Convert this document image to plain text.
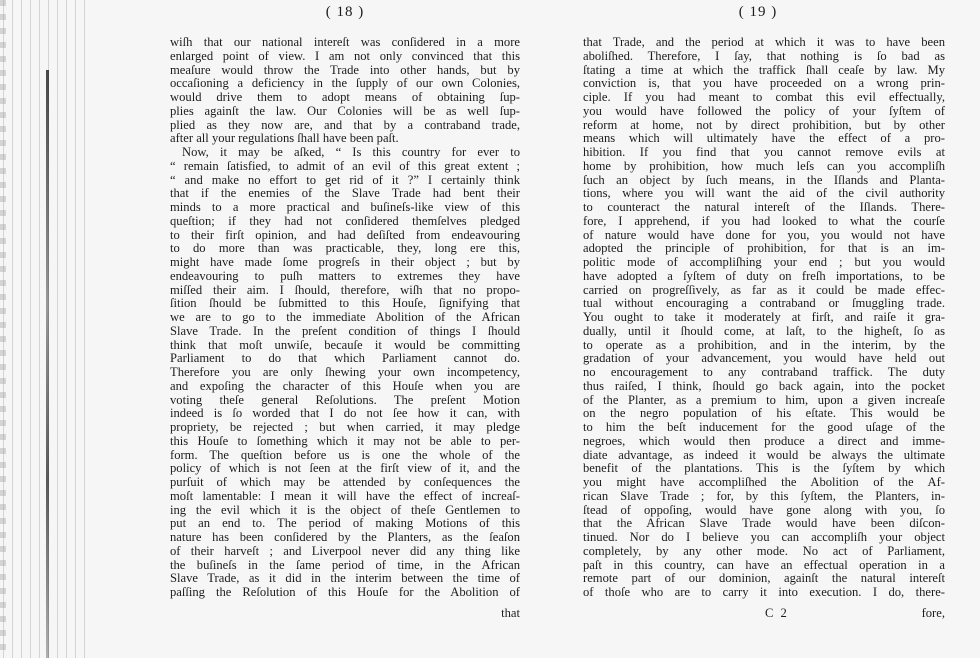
( 18 )
wiſh that our national intereſt was conſidered in a more
enlarged point of view. I am not only convinced that this
meaſure would throw the Trade into other hands, but by
occaſioning a deficiency in the ſupply of our own Colonies,
would drive them to adopt means of obtaining ſup-
plies againſt the law. Our Colonies will be as well ſup-
plied as they now are, and that by a contraband trade,
after all your regulations ſhall have been paſt.
Now, it may be aſked, “ Is this country for ever to
“ remain ſatisfied, to admit of an evil of this great extent ;
“ and make no effort to get rid of it ?” I certainly think
that if the enemies of the Slave Trade had bent their
minds to a more practical and buſineſs-like view of this
queſtion; if they had not conſidered themſelves pledged
to their firſt opinion, and had deſiſted from endeavouring
to do more than was practicable, they, long ere this,
might have made ſome progreſs in their object ; but by
endeavouring to puſh matters to extremes they have
miſſed their aim. I ſhould, therefore, wiſh that no propo-
ſition ſhould be ſubmitted to this Houſe, ſignifying that
we are to go to the immediate Abolition of the African
Slave Trade. In the preſent condition of things I ſhould
think that moſt unwiſe, becauſe it would be committing
Parliament to do that which Parliament cannot do.
Therefore you are only ſhewing your own incompetency,
and expoſing the character of this Houſe when you are
voting theſe general Reſolutions. The preſent Motion
indeed is ſo worded that I do not ſee how it can, with
propriety, be rejected ; but when carried, it may pledge
this Houſe to ſomething which it may not be able to per-
form. The queſtion before us is one the whole of the
policy of which is not ſeen at the firſt view of it, and the
purſuit of which may be attended by conſequences the
moſt lamentable: I mean it will have the effect of increaſ-
ing the evil which it is the object of theſe Gentlemen to
put an end to. The period of making Motions of this
nature has been conſidered by the Planters, as the ſeaſon
of their harveſt ; and Liverpool never did any thing like
the buſineſs in the ſame period of time, in the African
Slave Trade, as it did in the interim between the time of
paſſing the Reſolution of this Houſe for the Abolition of
that
( 19 )
that Trade, and the period at which it was to have been
aboliſhed. Therefore, I ſay, that nothing is ſo bad as
ſtating a time at which the traffick ſhall ceaſe by law. My
conviction is, that you have proceeded on a wrong prin-
ciple. If you had meant to combat this evil effectually,
you would have followed the policy of your ſyſtem of
reform at home, not by direct prohibition, but by other
means which will ultimately have the effect of a pro-
hibition. If you find that you cannot remove evils at
home by prohibition, how much leſs can you accompliſh
ſuch an object by ſuch means, in the Iſlands and Planta-
tions, where you will want the aid of the civil authority
to counteract the natural intereſt of the Iſlands. There-
fore, I apprehend, if you had looked to what the courſe
of nature would have done for you, you would not have
adopted the principle of prohibition, for that is an im-
politic mode of accompliſhing your end ; but you would
have adopted a ſyſtem of duty on freſh importations, to be
carried on progreſſively, as far as it could be made effec-
tual without encouraging a contraband or ſmuggling trade.
You ought to take it moderately at firſt, and raiſe it gra-
dually, until it ſhould come, at laſt, to the higheſt, ſo as
to operate as a prohibition, and in the interim, by the
gradation of your advancement, you would have held out
no encouragement to any contraband traffick. The duty
thus raiſed, I think, ſhould go back again, into the pocket
of the Planter, as a premium to him, upon a given increaſe
on the negro population of his eſtate. This would be
to him the beſt inducement for the good uſage of the
negroes, which would then produce a direct and imme-
diate advantage, as indeed it would be always the ultimate
benefit of the plantations. This is the ſyſtem by which
you might have accompliſhed the Abolition of the Af-
rican Slave Trade ; for, by this ſyſtem, the Planters, in-
ſtead of oppoſing, would have gone along with you, ſo
that the African Slave Trade would have been diſcon-
tinued. Nor do I believe you can accompliſh your object
completely, by any other mode. No act of Parliament,
paſt in this country, can have an effectual operation in a
remote part of our dominion, againſt the natural intereſt
of thoſe who are to carry it into execution. I do, there-
C 2	fore,
